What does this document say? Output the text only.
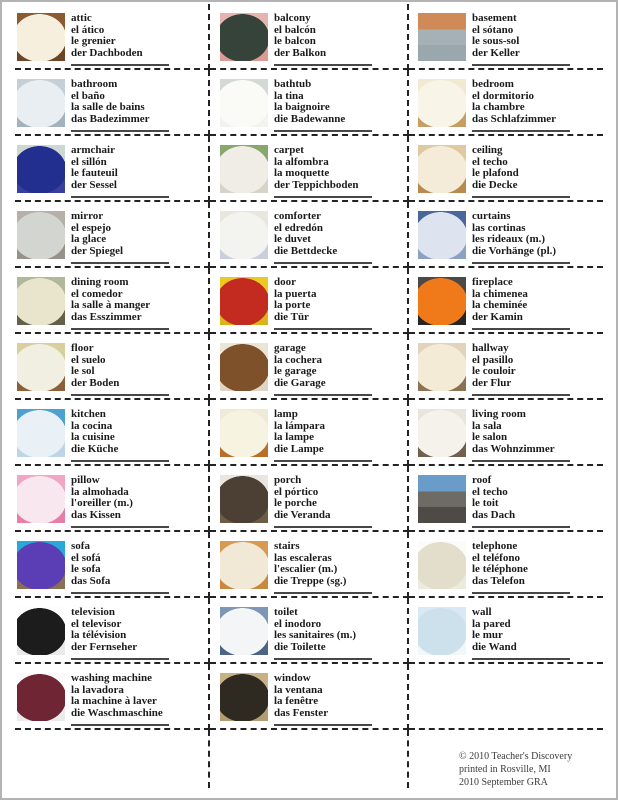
attic
el ático
le grenier
der Dachboden
balcony
el balcón
le balcon
der Balkon
basement
el sótano
le sous-sol
der Keller
bathroom
el baño
la salle de bains
das Badezimmer
bathtub
la tina
la baignoire
die Badewanne
bedroom
el dormitorio
la chambre
das Schlafzimmer
armchair
el sillón
le fauteuil
der Sessel
carpet
la alfombra
la moquette
der Teppichboden
ceiling
el techo
le plafond
die Decke
mirror
el espejo
la glace
der Spiegel
comforter
el edredón
le duvet
die Bettdecke
curtains
las cortinas
les rideaux (m.)
die Vorhänge (pl.)
dining room
el comedor
la salle à manger
das Esszimmer
door
la puerta
la porte
die Tür
fireplace
la chimenea
la cheminée
der Kamin
floor
el suelo
le sol
der Boden
garage
la cochera
le garage
die Garage
hallway
el pasillo
le couloir
der Flur
kitchen
la cocina
la cuisine
die Küche
lamp
la lámpara
la lampe
die Lampe
living room
la sala
le salon
das Wohnzimmer
pillow
la almohada
l'oreiller (m.)
das Kissen
porch
el pórtico
le porche
die Veranda
roof
el techo
le toit
das Dach
sofa
el sofá
le sofa
das Sofa
stairs
las escaleras
l'escalier (m.)
die Treppe (sg.)
telephone
el teléfono
le téléphone
das Telefon
television
el televisor
la télévision
der Fernseher
toilet
el inodoro
les sanitaires (m.)
die Toilette
wall
la pared
le mur
die Wand
washing machine
la lavadora
la machine à laver
die Waschmaschine
window
la ventana
la fenêtre
das Fenster
© 2010 Teacher's Discovery
printed in Rosville, MI
2010 September GRA
